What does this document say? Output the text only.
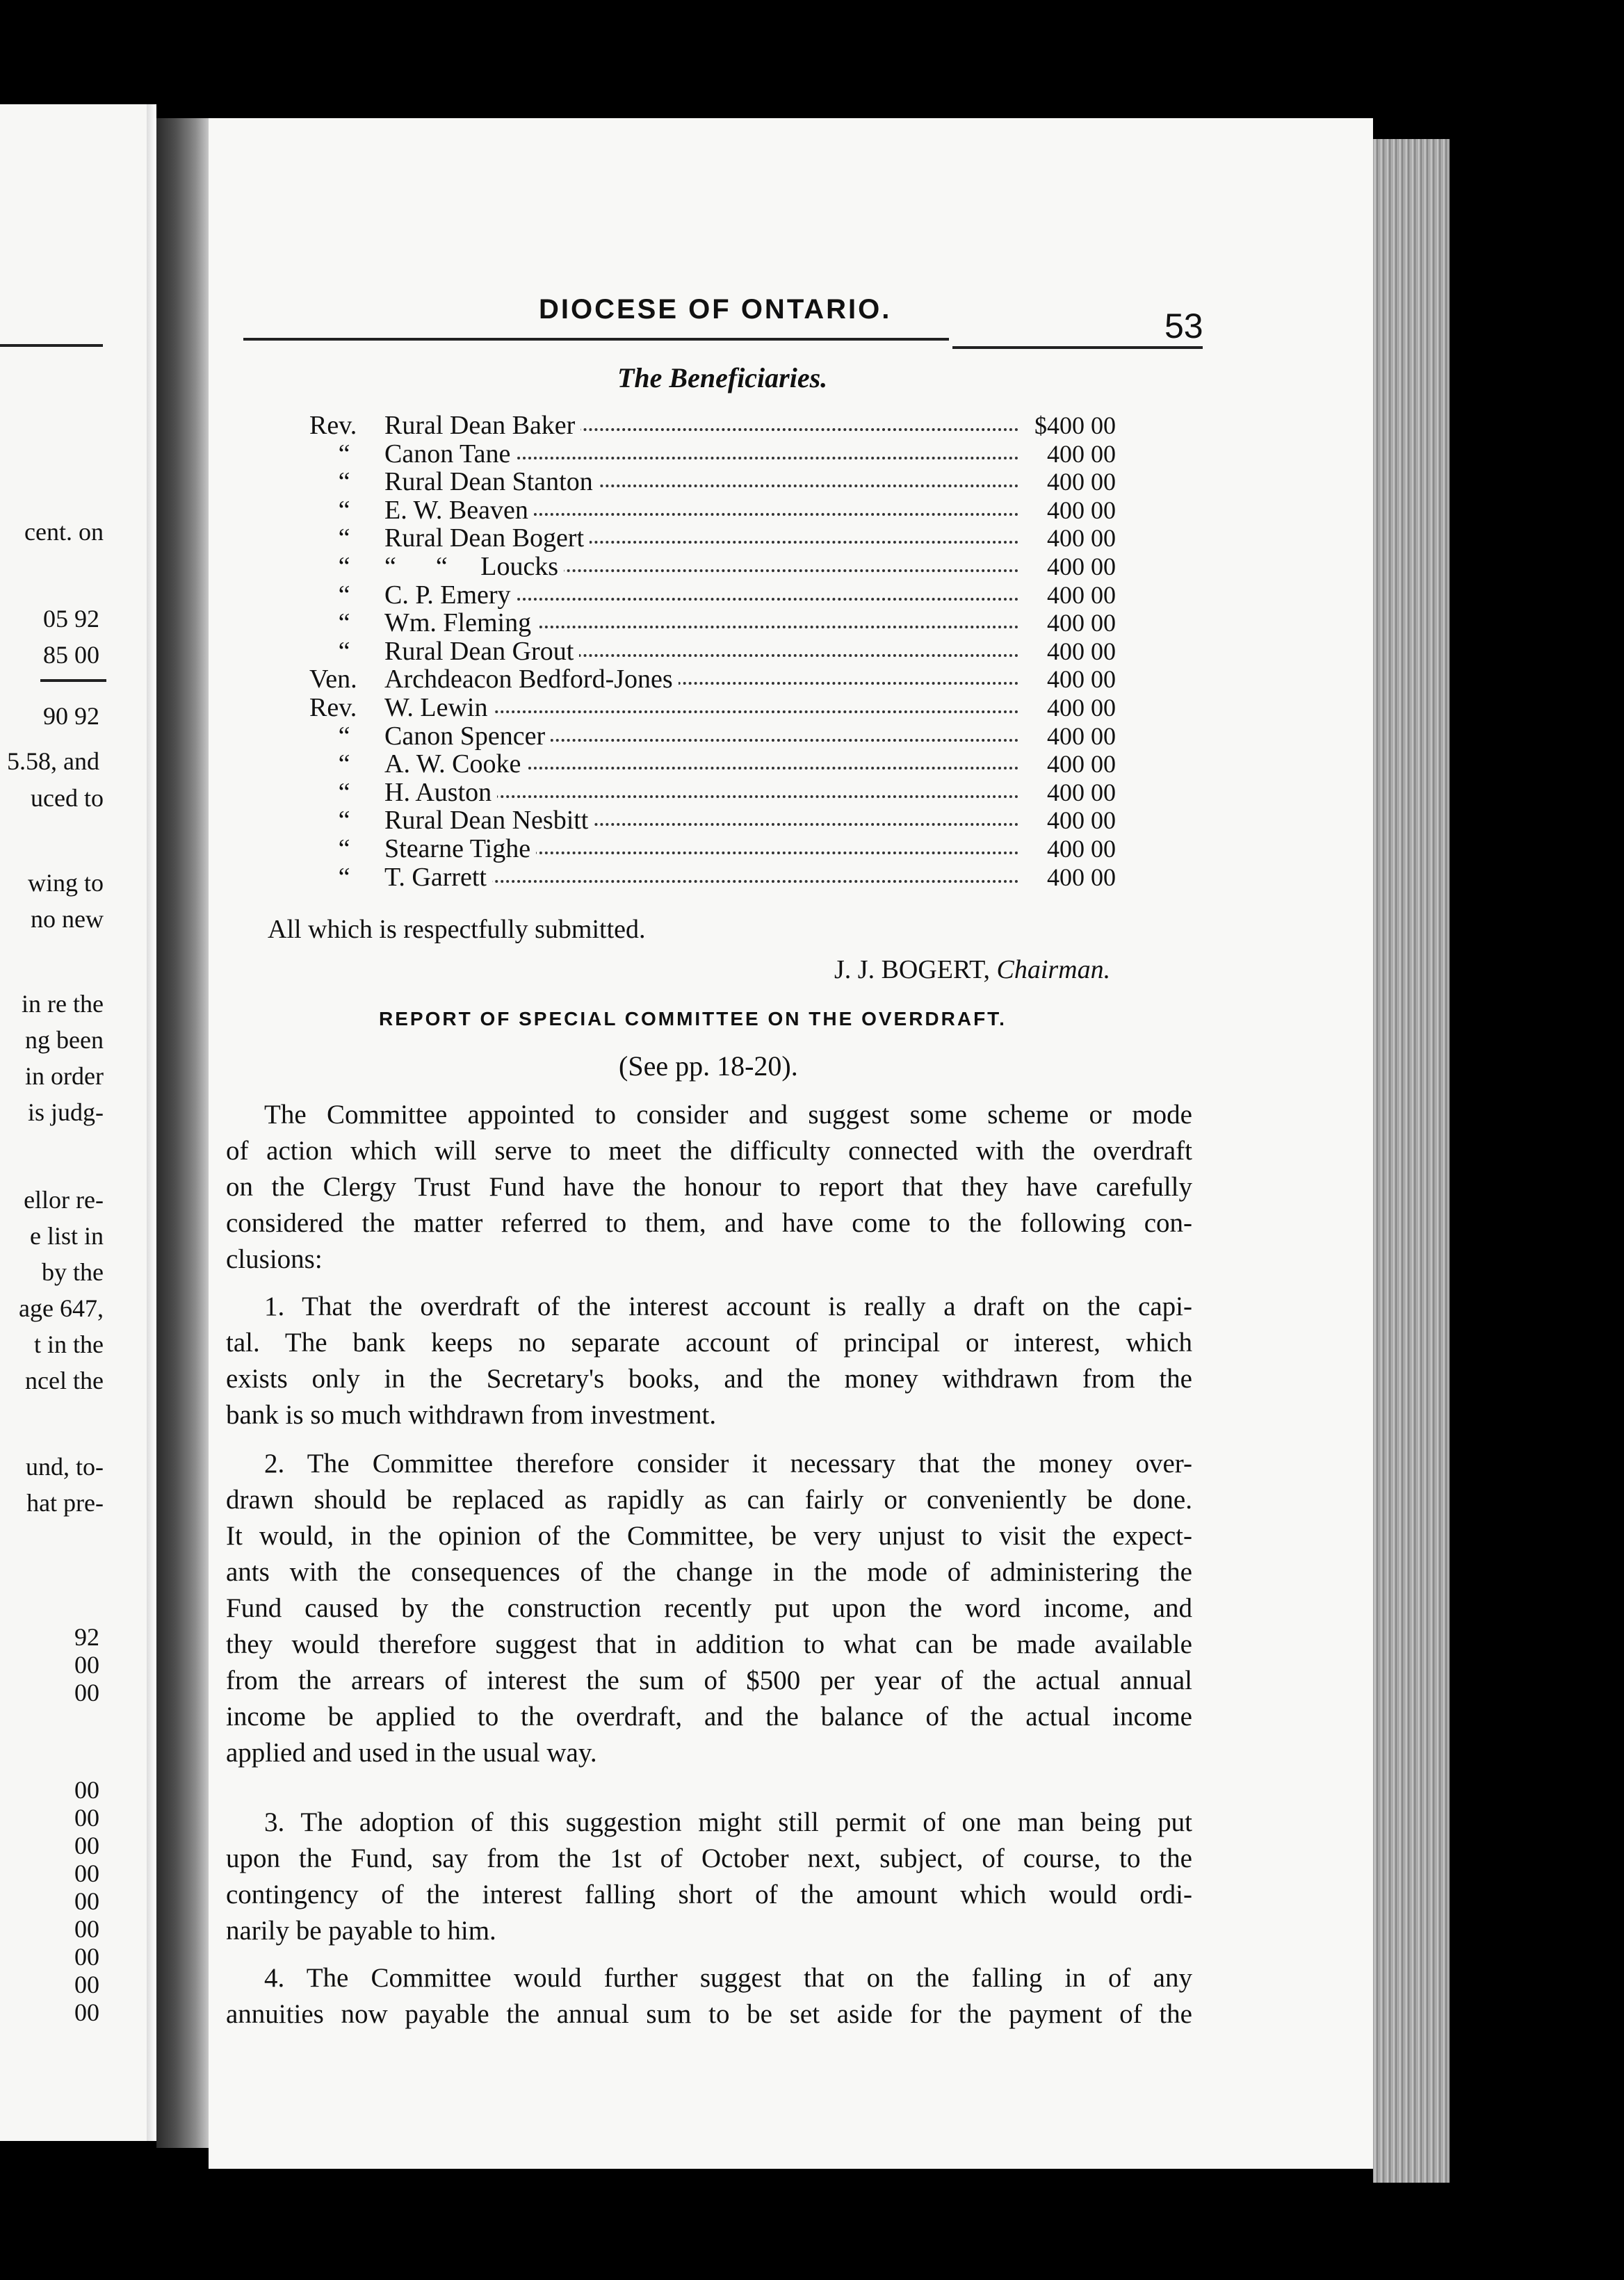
cent. on
05 92
85 00
90 92
5.58, and
uced to
wing to
no new
in re the
ng been
in order
is judg-
ellor re-
e list in
by the
age 647,
t in the
ncel the
und, to-
hat pre-
92
00
00
00
00
00
00
00
00
00
00
00
DIOCESE OF ONTARIO.	53
The Beneficiaries.
Rev.	Rural Dean Baker	$400 00
“	Canon Tane	400 00
“	Rural Dean Stanton	400 00
“	E. W. Beaven	400 00
“	Rural Dean Bogert	400 00
“	“      “     Loucks	400 00
“	C. P. Emery	400 00
“	Wm. Fleming	400 00
“	Rural Dean Grout	400 00
Ven.	Archdeacon Bedford-Jones	400 00
Rev.	W. Lewin	400 00
“	Canon Spencer	400 00
“	A. W. Cooke	400 00
“	H. Auston	400 00
“	Rural Dean Nesbitt	400 00
“	Stearne Tighe	400 00
“	T. Garrett	400 00
All which is respectfully submitted.
J. J. BOGERT, Chairman.
REPORT OF SPECIAL COMMITTEE ON THE OVERDRAFT.
(See pp. 18-20).
The Committee appointed to consider and suggest some scheme or mode
of action which will serve to meet the difficulty connected with the overdraft
on the Clergy Trust Fund have the honour to report that they have carefully
considered the matter referred to them, and have come to the following con-
clusions:
1. That the overdraft of the interest account is really a draft on the capi-
tal. The bank keeps no separate account of principal or interest, which
exists only in the Secretary's books, and the money withdrawn from the
bank is so much withdrawn from investment.
2. The Committee therefore consider it necessary that the money over-
drawn should be replaced as rapidly as can fairly or conveniently be done.
It would, in the opinion of the Committee, be very unjust to visit the expect-
ants with the consequences of the change in the mode of administering the
Fund caused by the construction recently put upon the word income, and
they would therefore suggest that in addition to what can be made available
from the arrears of interest the sum of $500 per year of the actual annual
income be applied to the overdraft, and the balance of the actual income
applied and used in the usual way.
3. The adoption of this suggestion might still permit of one man being put
upon the Fund, say from the 1st of October next, subject, of course, to the
contingency of the interest falling short of the amount which would ordi-
narily be payable to him.
4. The Committee would further suggest that on the falling in of any
annuities now payable the annual sum to be set aside for the payment of the
